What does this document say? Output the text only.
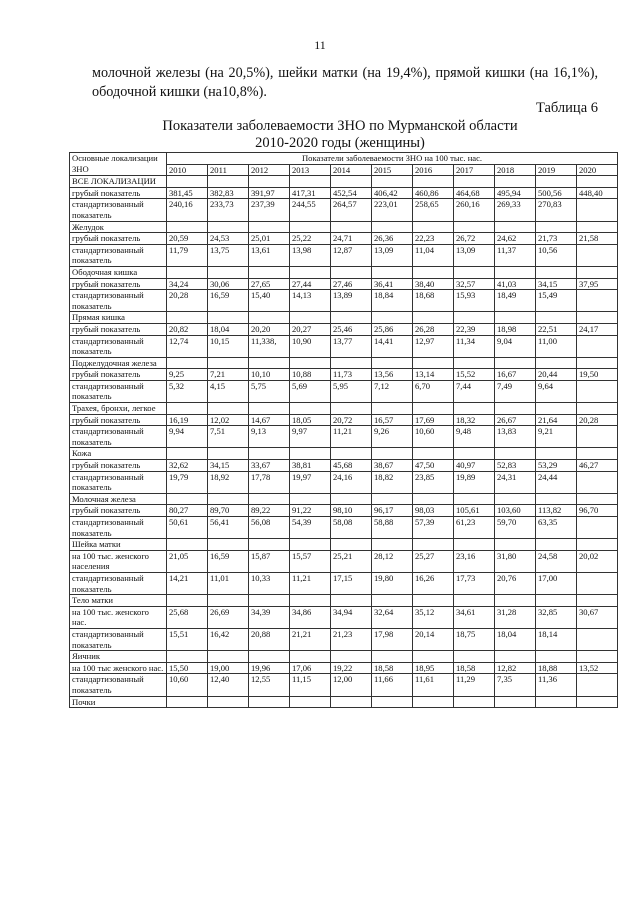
11

молочной железы (на 20,5%), шейки матки (на 19,4%), прямой кишки (на 16,1%), ободочной кишки (на10,8%).

Таблица 6
Показатели заболеваемости ЗНО по Мурманской области
2010-2020 годы (женщины)
Основные локализации ЗНО	Показатели заболеваемости ЗНО на 100 тыс. нас.										
	2010	2011	2012	2013	2014	2015	2016	2017	2018	2019	2020
ВСЕ ЛОКАЛИЗАЦИИ											
грубый показатель	381,45	382,83	391,97	417,31	452,54	406,42	460,86	464,68	495,94	500,56	448,40
стандартизованный показатель	240,16	233,73	237,39	244,55	264,57	223,01	258,65	260,16	269,33	270,83	
Желудок											
грубый показатель	20,59	24,53	25,01	25,22	24,71	26,36	22,23	26,72	24,62	21,73	21,58
стандартизованный показатель	11,79	13,75	13,61	13,98	12,87	13,09	11,04	13,09	11,37	10,56	
Ободочная кишка											
грубый показатель	34,24	30,06	27,65	27,44	27,46	36,41	38,40	32,57	41,03	34,15	37,95
стандартизованный показатель	20,28	16,59	15,40	14,13	13,89	18,84	18,68	15,93	18,49	15,49	
Прямая кишка											
грубый показатель	20,82	18,04	20,20	20,27	25,46	25,86	26,28	22,39	18,98	22,51	24,17
стандартизованный показатель	12,74	10,15	11,338,	10,90	13,77	14,41	12,97	11,34	9,04	11,00	
Поджелудочная железа											
грубый показатель	9,25	7,21	10,10	10,88	11,73	13,56	13,14	15,52	16,67	20,44	19,50
стандартизованный показатель	5,32	4,15	5,75	5,69	5,95	7,12	6,70	7,44	7,49	9,64	
Трахея, бронхи, легкое											
грубый показатель	16,19	12,02	14,67	18,05	20,72	16,57	17,69	18,32	26,67	21,64	20,28
стандартизованный показатель	9,94	7,51	9,13	9,97	11,21	9,26	10,60	9,48	13,83	9,21	
Кожа											
грубый показатель	32,62	34,15	33,67	38,81	45,68	38,67	47,50	40,97	52,83	53,29	46,27
стандартизованный показатель	19,79	18,92	17,78	19,97	24,16	18,82	23,85	19,89	24,31	24,44	
Молочная железа											
грубый показатель	80,27	89,70	89,22	91,22	98,10	96,17	98,03	105,61	103,60	113,82	96,70
стандартизованный показатель	50,61	56,41	56,08	54,39	58,08	58,88	57,39	61,23	59,70	63,35	
Шейка матки											
на 100 тыс. женского населения	21,05	16,59	15,87	15,57	25,21	28,12	25,27	23,16	31,80	24,58	20,02
стандартизованный показатель	14,21	11,01	10,33	11,21	17,15	19,80	16,26	17,73	20,76	17,00	
Тело матки											
на 100 тыс. женского нас.	25,68	26,69	34,39	34,86	34,94	32,64	35,12	34,61	31,28	32,85	30,67
стандартизованный показатель	15,51	16,42	20,88	21,21	21,23	17,98	20,14	18,75	18,04	18,14	
Яичник											
на 100 тыс женского нас.	15,50	19,00	19,96	17,06	19,22	18,58	18,95	18,58	12,82	18,88	13,52
стандартизованный показатель	10,60	12,40	12,55	11,15	12,00	11,66	11,61	11,29	7,35	11,36	
Почки											
